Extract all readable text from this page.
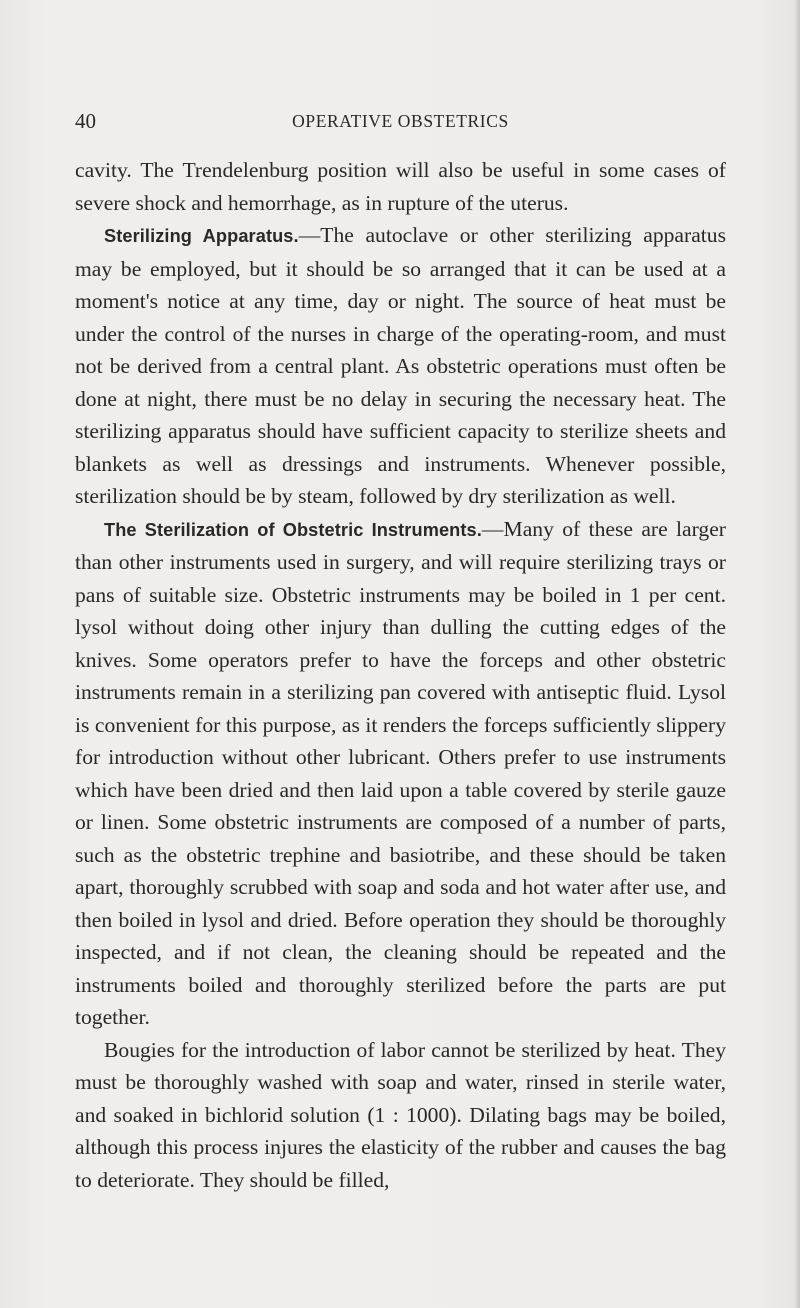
40	OPERATIVE OBSTETRICS

cavity. The Trendelenburg position will also be useful in some cases of severe shock and hemorrhage, as in rupture of the uterus.

Sterilizing Apparatus.—The autoclave or other sterilizing apparatus may be employed, but it should be so arranged that it can be used at a moment's notice at any time, day or night. The source of heat must be under the control of the nurses in charge of the operating-room, and must not be derived from a central plant. As obstetric operations must often be done at night, there must be no delay in securing the necessary heat. The sterilizing apparatus should have sufficient capacity to sterilize sheets and blankets as well as dressings and instruments. Whenever possible, sterilization should be by steam, followed by dry sterilization as well.

The Sterilization of Obstetric Instruments.—Many of these are larger than other instruments used in surgery, and will require sterilizing trays or pans of suitable size. Obstetric instruments may be boiled in 1 per cent. lysol without doing other injury than dulling the cutting edges of the knives. Some operators prefer to have the forceps and other obstetric instruments remain in a sterilizing pan covered with antiseptic fluid. Lysol is convenient for this purpose, as it renders the forceps sufficiently slippery for introduction without other lubricant. Others prefer to use instruments which have been dried and then laid upon a table covered by sterile gauze or linen. Some obstetric instruments are composed of a number of parts, such as the obstetric trephine and basiotribe, and these should be taken apart, thoroughly scrubbed with soap and soda and hot water after use, and then boiled in lysol and dried. Before operation they should be thoroughly inspected, and if not clean, the cleaning should be repeated and the instruments boiled and thoroughly sterilized before the parts are put together.

Bougies for the introduction of labor cannot be sterilized by heat. They must be thoroughly washed with soap and water, rinsed in sterile water, and soaked in bichlorid solution (1 : 1000). Dilating bags may be boiled, although this process injures the elasticity of the rubber and causes the bag to deteriorate. They should be filled,
